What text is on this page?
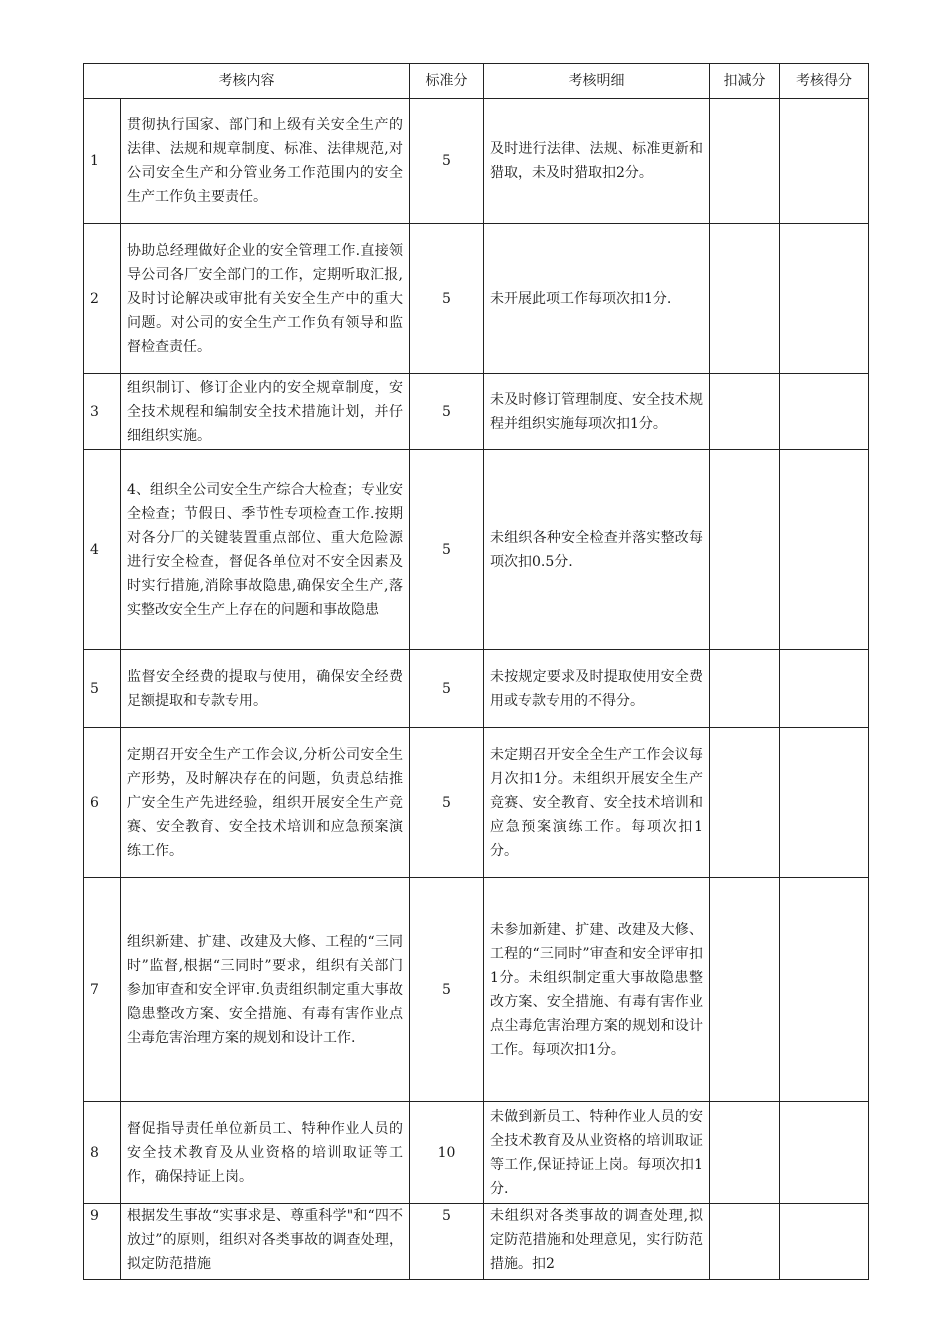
考核内容		标准分	考核明细	扣减分	考核得分
1	贯彻执行国家、部门和上级有关安全生产的法律、法规和规章制度、标准、法律规范,对公司安全生产和分管业务工作范围内的安全生产工作负主要责任。	5	及时进行法律、法规、标准更新和猎取，未及时猎取扣2分。		
2	协助总经理做好企业的安全管理工作.直接领导公司各厂安全部门的工作，定期听取汇报,及时讨论解决或审批有关安全生产中的重大问题。对公司的安全生产工作负有领导和监督检查责任。	5	未开展此项工作每项次扣1分.		
3	组织制订、修订企业内的安全规章制度，安全技术规程和编制安全技术措施计划，并仔细组织实施。	5	未及时修订管理制度、安全技术规程并组织实施每项次扣1分。		
4	4、组织全公司安全生产综合大检查；专业安全检查；节假日、季节性专项检查工作.按期对各分厂的关键装置重点部位、重大危险源进行安全检查，督促各单位对不安全因素及时实行措施,消除事故隐患,确保安全生产,落实整改安全生产上存在的问题和事故隐患	5	未组织各种安全检查并落实整改每项次扣0.5分.		
5	监督安全经费的提取与使用，确保安全经费足额提取和专款专用。	5	未按规定要求及时提取使用安全费用或专款专用的不得分。		
6	定期召开安全生产工作会议,分析公司安全生产形势，及时解决存在的问题，负责总结推广安全生产先进经验，组织开展安全生产竞赛、安全教育、安全技术培训和应急预案演练工作。	5	未定期召开安全全生产工作会议每月次扣1分。未组织开展安全生产竞赛、安全教育、安全技术培训和应急预案演练工作。每项次扣1分。		
7	组织新建、扩建、改建及大修、工程的“三同时”监督,根据“三同时”要求，组织有关部门参加审查和安全评审.负责组织制定重大事故隐患整改方案、安全措施、有毒有害作业点尘毒危害治理方案的规划和设计工作.	5	未参加新建、扩建、改建及大修、工程的“三同时”审查和安全评审扣1分。未组织制定重大事故隐患整改方案、安全措施、有毒有害作业点尘毒危害治理方案的规划和设计工作。每项次扣1分。		
8	督促指导责任单位新员工、特种作业人员的安全技术教育及从业资格的培训取证等工作，确保持证上岗。	10	未做到新员工、特种作业人员的安全技术教育及从业资格的培训取证等工作,保证持证上岗。每项次扣1分.		
9	根据发生事故“实事求是、尊重科学"和“四不放过”的原则，组织对各类事故的调查处理，拟定防范措施	5	未组织对各类事故的调查处理,拟定防范措施和处理意见，实行防范措施。扣2		
